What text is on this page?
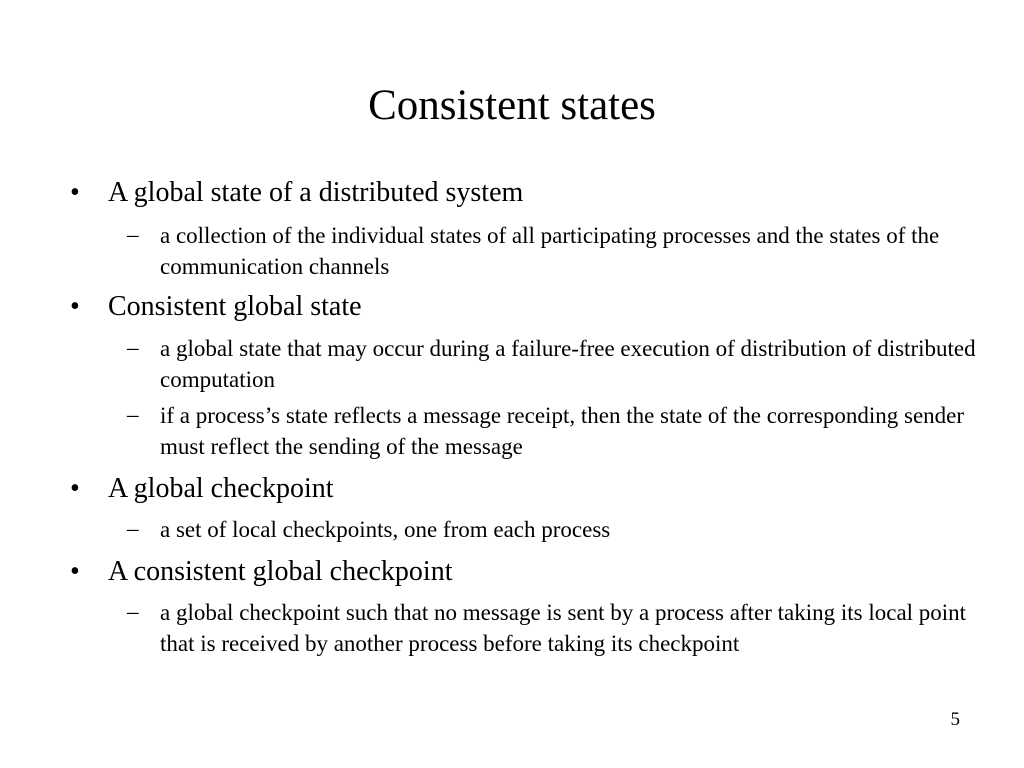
Consistent states
• A global state of a distributed system
– a collection of the individual states of all participating processes and the states of the communication channels
• Consistent global state
– a global state that may occur during a failure-free execution of distribution of distributed computation
– if a process’s state reflects a message receipt, then the state of the corresponding sender must reflect the sending of the message
• A global checkpoint
– a set of local checkpoints, one from each process
• A consistent global checkpoint
– a global checkpoint such that no message is sent by a process after taking its local point that is received by another process before taking its checkpoint
5
